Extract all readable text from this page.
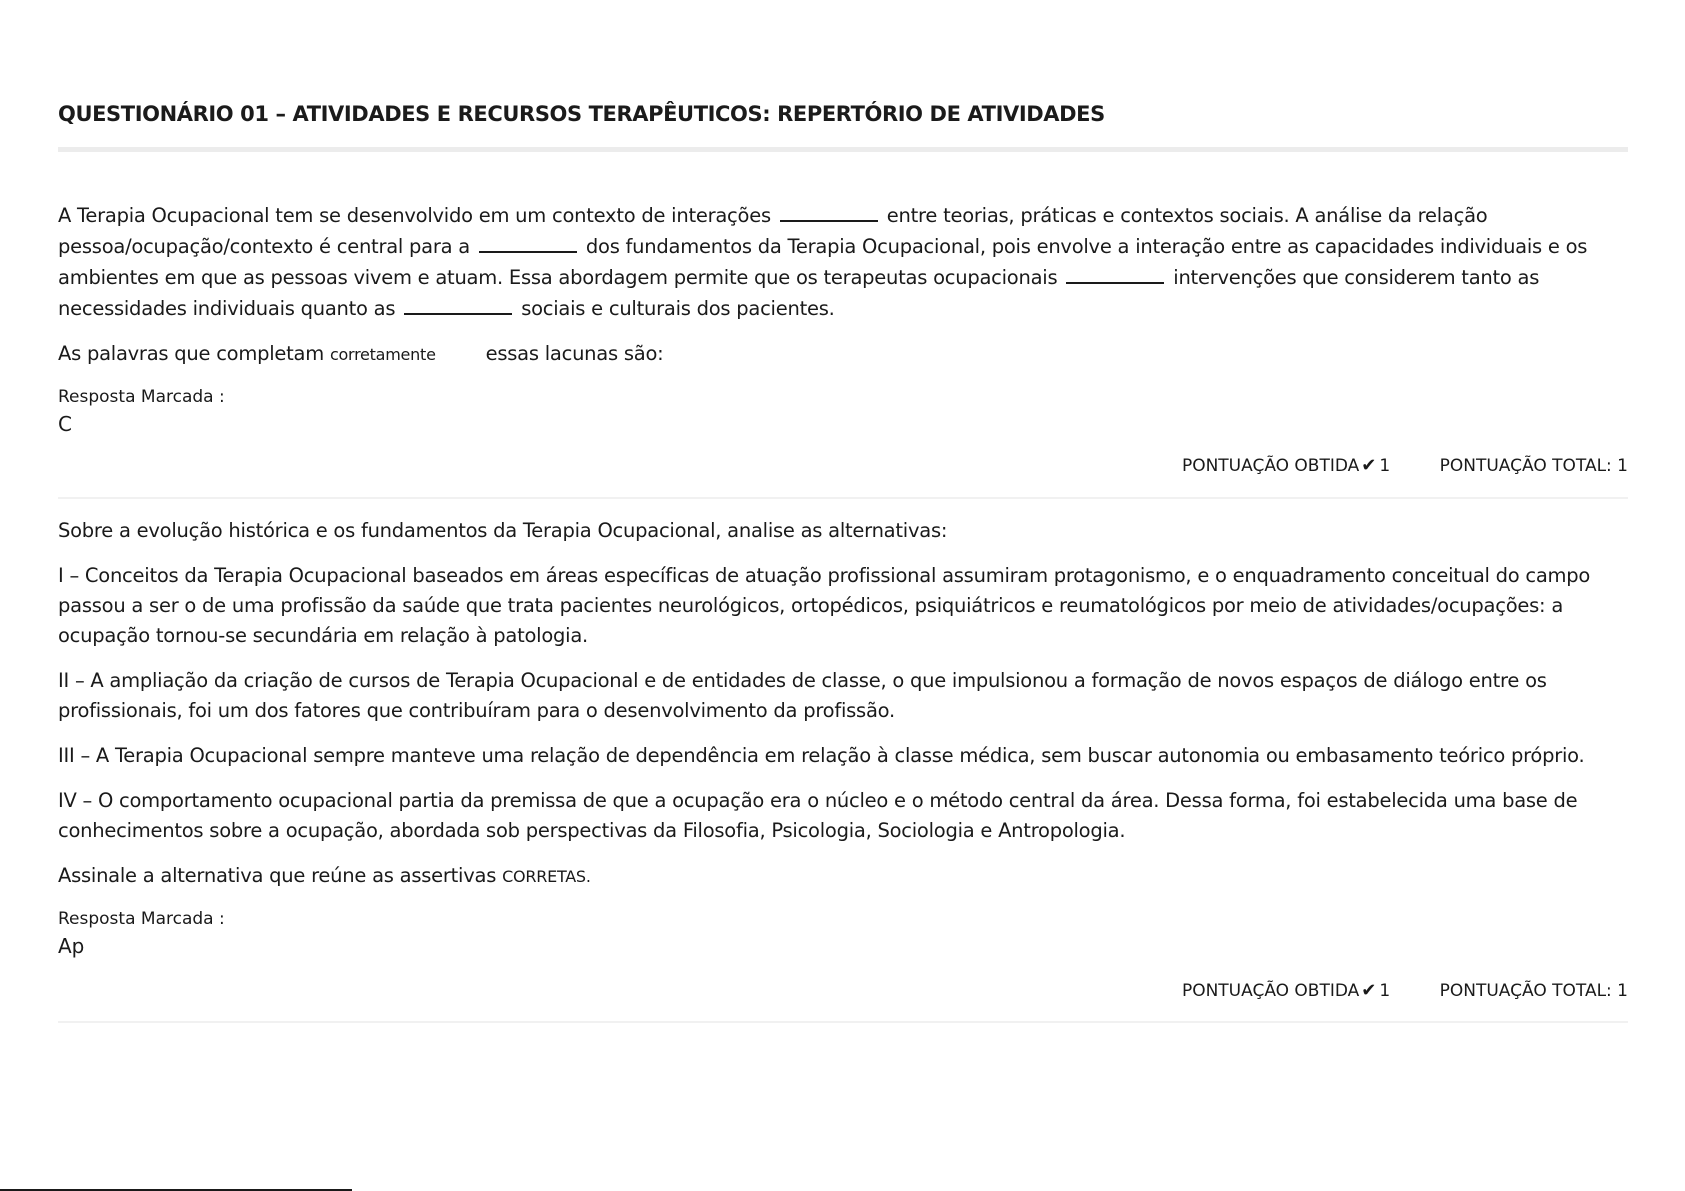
QUESTIONÁRIO 01 – ATIVIDADES E RECURSOS TERAPÊUTICOS: REPERTÓRIO DE ATIVIDADES

A Terapia Ocupacional tem se desenvolvido em um contexto de interações	entre teorias, práticas e contextos sociais. A análise da relação pessoa/ocupação/contexto é central para a	dos fundamentos da Terapia Ocupacional, pois envolve a interação entre as capacidades individuais e os ambientes em que as pessoas vivem e atuam. Essa abordagem permite que os terapeutas ocupacionais	intervenções que considerem tanto as necessidades individuais quanto as	sociais e culturais dos pacientes.

As palavras que completam corretamente	essas lacunas são:

Resposta Marcada :

C

PONTUAÇÃO OBTIDA ✔ 1	PONTUAÇÃO TOTAL: 1

Sobre a evolução histórica e os fundamentos da Terapia Ocupacional, analise as alternativas:

I – Conceitos da Terapia Ocupacional baseados em áreas específicas de atuação profissional assumiram protagonismo, e o enquadramento conceitual do campo passou a ser o de uma profissão da saúde que trata pacientes neurológicos, ortopédicos, psiquiátricos e reumatológicos por meio de atividades/ocupações: a ocupação tornou-se secundária em relação à patologia.

II – A ampliação da criação de cursos de Terapia Ocupacional e de entidades de classe, o que impulsionou a formação de novos espaços de diálogo entre os profissionais, foi um dos fatores que contribuíram para o desenvolvimento da profissão.

III – A Terapia Ocupacional sempre manteve uma relação de dependência em relação à classe médica, sem buscar autonomia ou embasamento teórico próprio.

IV – O comportamento ocupacional partia da premissa de que a ocupação era o núcleo e o método central da área. Dessa forma, foi estabelecida uma base de conhecimentos sobre a ocupação, abordada sob perspectivas da Filosofia, Psicologia, Sociologia e Antropologia.

Assinale a alternativa que reúne as assertivas CORRETAS.

Resposta Marcada :

Ap

PONTUAÇÃO OBTIDA ✔ 1	PONTUAÇÃO TOTAL: 1
